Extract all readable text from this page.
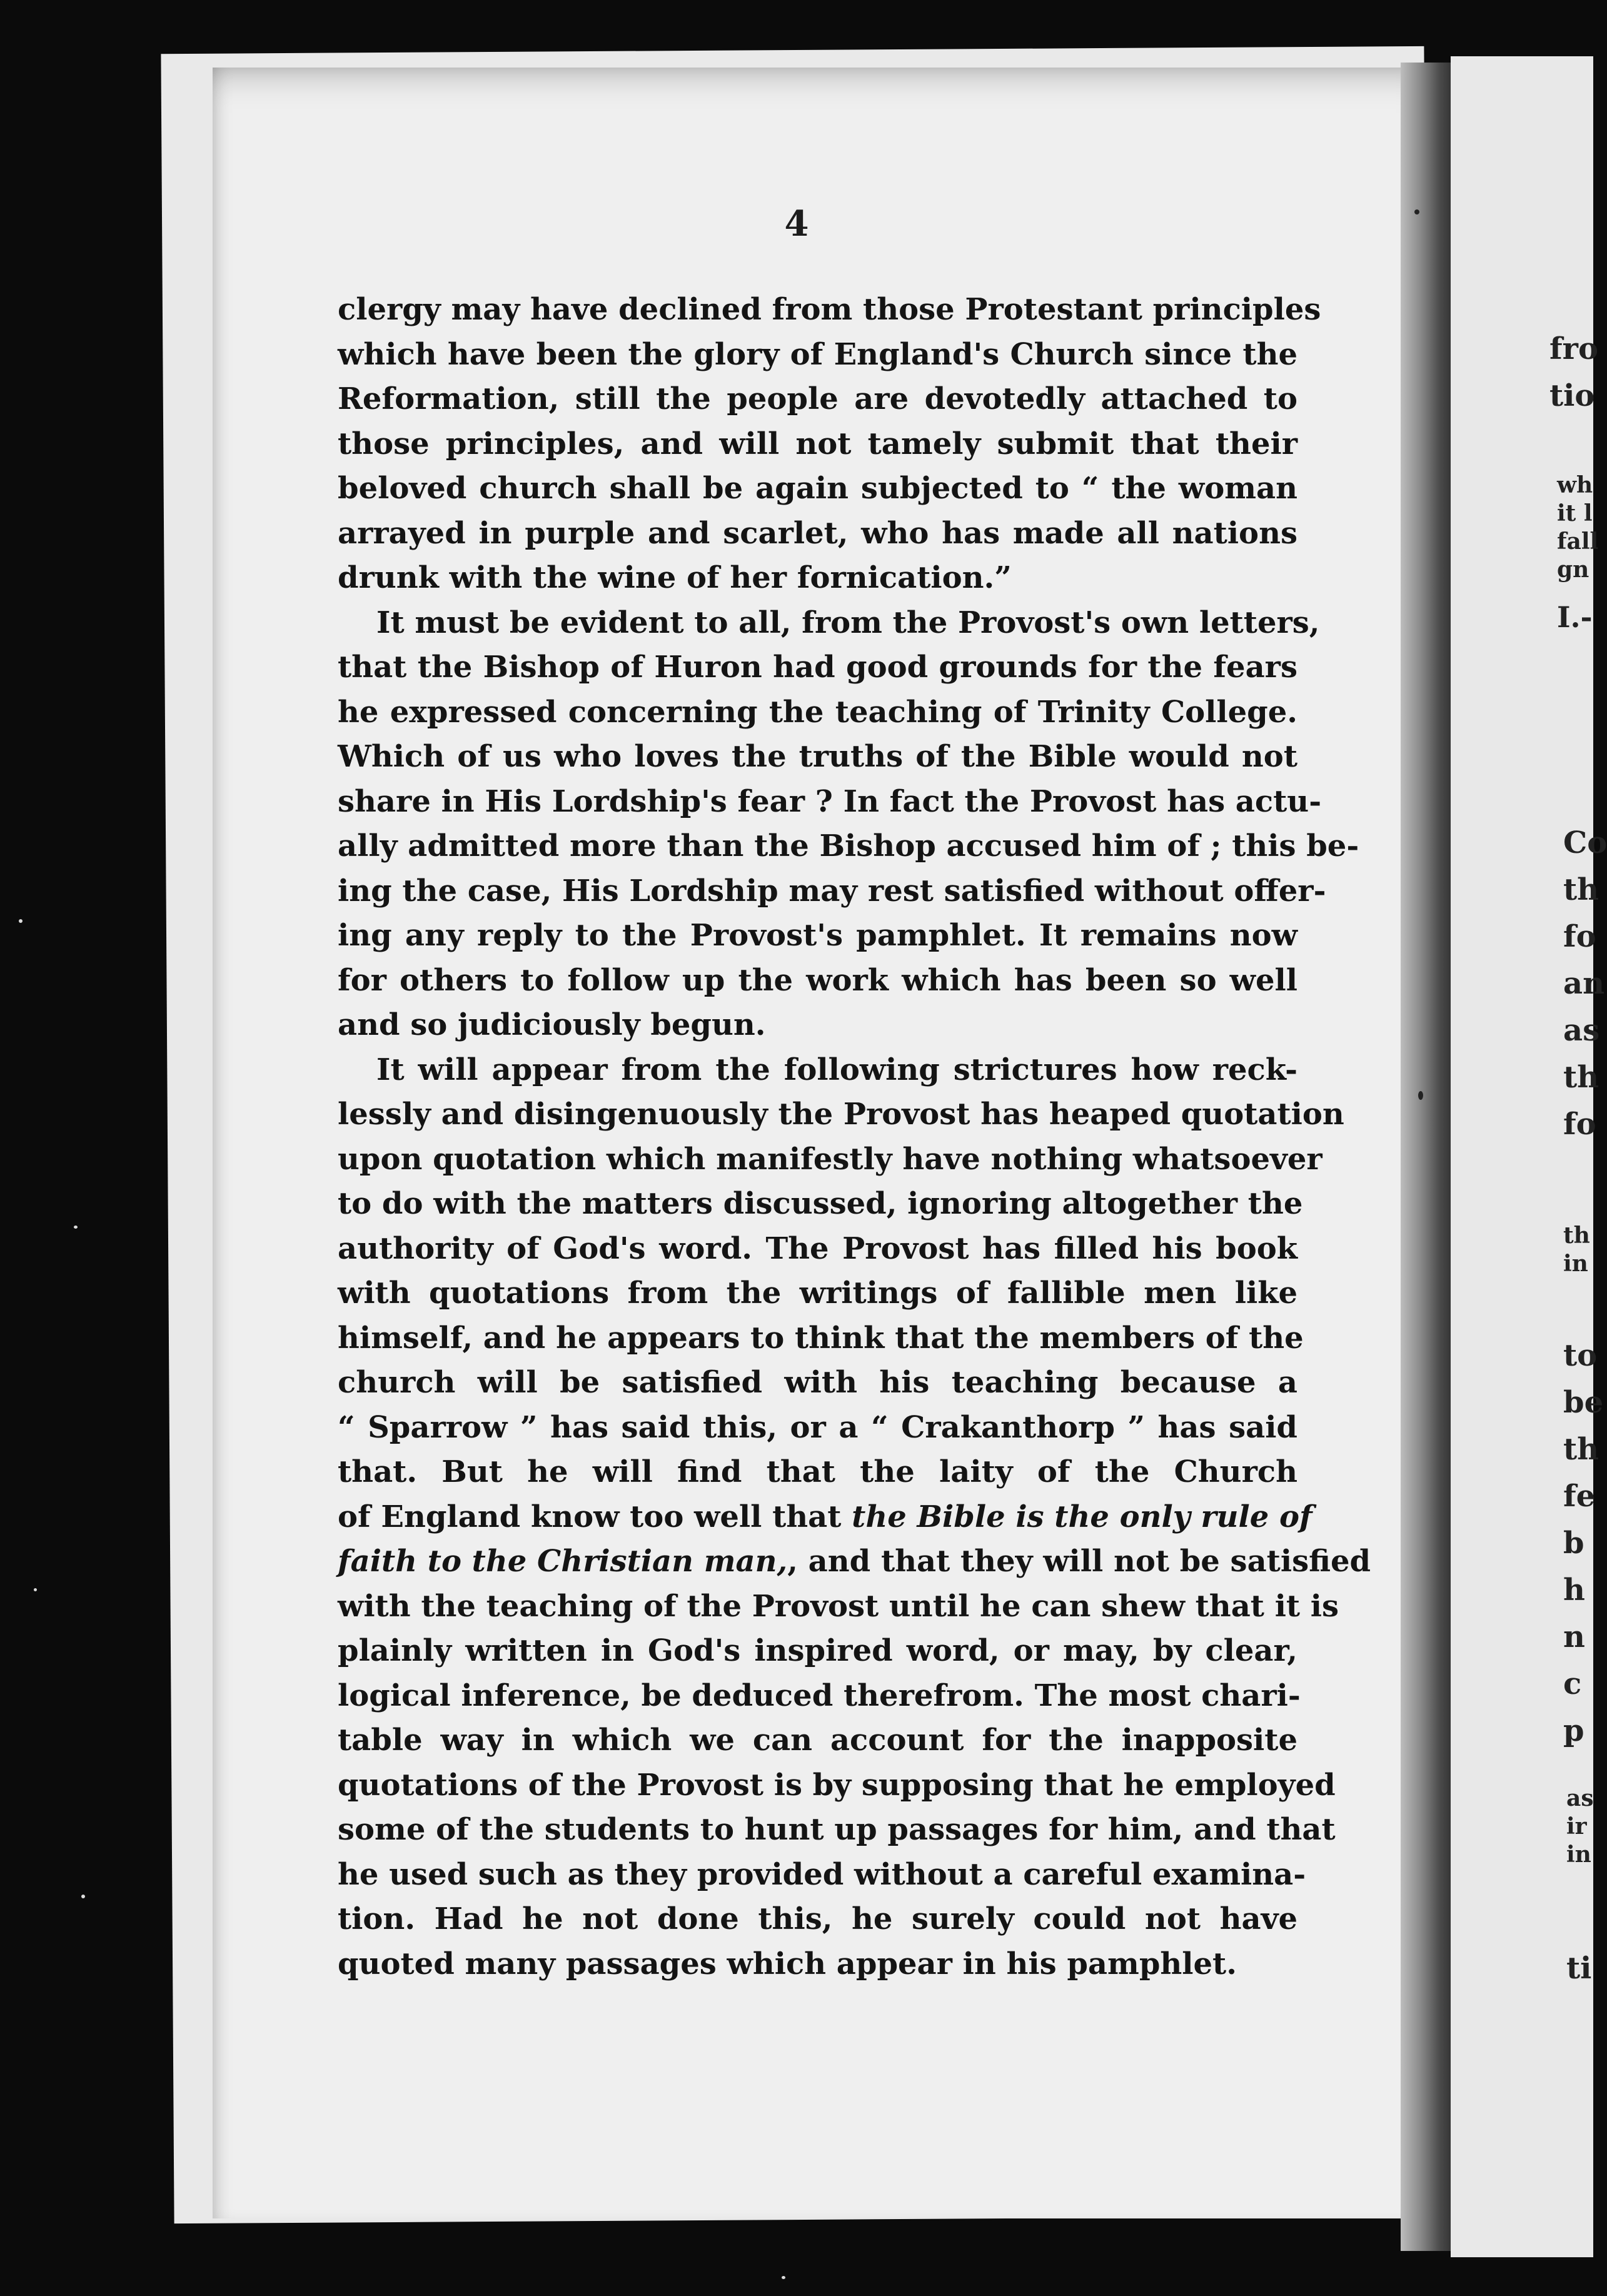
4
clergy may have declined from those Protestant principles
which have been the glory of England's Church since the
Reformation, still the people are devotedly attached to
those principles, and will not tamely submit that their
beloved church shall be again subjected to “ the woman
arrayed in purple and scarlet, who has made all nations
drunk with the wine of her fornication.”
It must be evident to all, from the Provost's own letters,
that the Bishop of Huron had good grounds for the fears
he expressed concerning the teaching of Trinity College.
Which of us who loves the truths of the Bible would not
share in His Lordship's fear ? In fact the Provost has actu-
ally admitted more than the Bishop accused him of ; this be-
ing the case, His Lordship may rest satisfied without offer-
ing any reply to the Provost's pamphlet. It remains now
for others to follow up the work which has been so well
and so judiciously begun.
It will appear from the following strictures how reck-
lessly and disingenuously the Provost has heaped quotation
upon quotation which manifestly have nothing whatsoever
to do with the matters discussed, ignoring altogether the
authority of God's word. The Provost has filled his book
with quotations from the writings of fallible men like
himself, and he appears to think that the members of the
church will be satisfied with his teaching because a
“ Sparrow ” has said this, or a “ Crakanthorp ” has said
that. But he will find that the laity of the Church
of England know too well that the Bible is the only rule of
faith to the Christian man,, and that they will not be satisfied
with the teaching of the Provost until he can shew that it is
plainly written in God's inspired word, or may, by clear,
logical inference, be deduced therefrom. The most chari-
table way in which we can account for the inapposite
quotations of the Provost is by supposing that he employed
some of the students to hunt up passages for him, and that
he used such as they provided without a careful examina-
tion. Had he not done this, he surely could not have
quoted many passages which appear in his pamphlet.
fro
tio
wh
it l
fall
gn
I.-
Co
th
fo
an
as
th
fo
th
in
to
be
th
fe
b
h
n
c
p
as
ir
in
ti
